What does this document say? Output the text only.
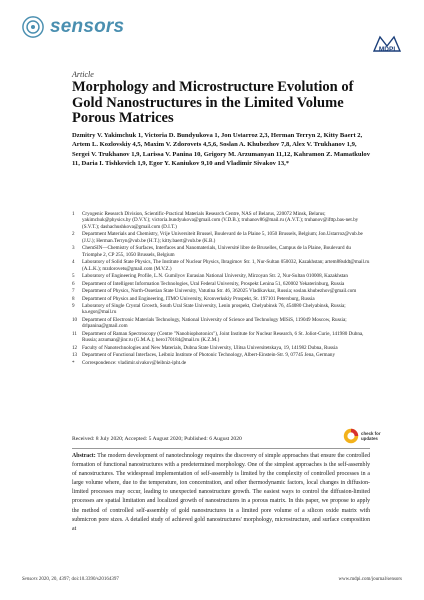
sensors
MDPI
Article
Morphology and Microstructure Evolution of Gold Nanostructures in the Limited Volume Porous Matrices
Dzmitry V. Yakimchuk 1, Victoria D. Bundyukova 1, Jon Ustarroz 2,3, Herman Terryn 2, Kitty Baert 2, Artem L. Kozlovskiy 4,5, Maxim V. Zdorovets 4,5,6, Soslan A. Khubezhov 7,8, Alex V. Trukhanov 1,9, Sergei V. Trukhanov 1,9, Larissa V. Panina 10, Grigory M. Arzumanyan 11,12, Kahramon Z. Mamatkulov 11, Daria I. Tishkevich 1,9, Egor Y. Kaniukov 9,10 and Vladimir Sivakov 13,*
1	Cryogenic Research Division, Scientific-Practical Materials Research Centre, NAS of Belarus, 220072 Minsk, Belarus; yakimchuk@physics.by (D.V.Y.); victoria.bundyukova@gmail.com (V.D.B.); truhanov86@mail.ru (A.V.T.); truhanov@ifttp.bas-net.by (S.V.T.); dashachushkova@gmail.com (D.I.T.)
2	Department Materials and Chemistry, Vrije Universiteit Brussel, Boulevard de la Plaine 5, 1050 Brussels, Belgium; Jon.Ustarroz@vub.be (J.U.); Herman.Terryn@vub.be (H.T.); kitty.baert@vub.be (K.B.)
3	ChemSIN—Chemistry of Surfaces, Interfaces and Nanomaterials, Université libre de Bruxelles, Campus de la Plaine, Boulevard du Triomphe 2, CP 255, 1050 Brussels, Belgium
4	Laboratory of Solid State Physics, The Institute of Nuclear Physics, Ibragimov Str. 1, Nur-Sultan 050032, Kazakhstan; artem88sddt@mail.ru (A.L.K.); mzdorovets@gmail.com (M.V.Z.)
5	Laboratory of Engineering Profile, L.N. Gumilyov Eurasian National University, Mirzoyan Str. 2, Nur-Sultan 010008, Kazakhstan
6	Department of Intelligent Information Technologies, Ural Federal University, Prospekt Lenina 51, 620002 Yekaterinburg, Russia
7	Department of Physics, North-Ossetian State University, Vatutina Str. 46, 362025 Vladikavkaz, Russia; soslan.khubezhov@gmail.com
8	Department of Physics and Engineering, ITMO University, Kronverkskiy Prospekt, St. 197101 Petersburg, Russia
9	Laboratory of Single Crystal Growth, South Ural State University, Lenin prospekt, Chelyabinsk 76, 454080 Chelyabinsk, Russia; ka.egor@mail.ru
10 Department of Electronic Materials Technology, National University of Science and Technology MISiS, 119049 Moscow, Russia; drlpanina@gmail.com
11 Department of Raman Spectroscopy (Centre "Nanobiophotonics"), Joint Institute for Nuclear Research, 6 St. Joliot-Curie, 141980 Dubna, Russia; arzuman@jinr.ru (G.M.A.); hero170184@mail.ru (K.Z.M.)
12 Faculty of Nanotechnologies and New Materials, Dubna State University, Ulitsa Universitetskaya, 19, 141982 Dubna, Russia
13 Department of Functional Interfaces, Leibniz Institute of Photonic Technology, Albert-Einstein-Str. 9, 07745 Jena, Germany
*	Correspondence: vladimir.sivakov@leibniz-ipht.de
Received: 8 July 2020; Accepted: 5 August 2020; Published: 6 August 2020
check for
updates
Abstract: The modern development of nanotechnology requires the discovery of simple approaches that ensure the controlled formation of functional nanostructures with a predetermined morphology. One of the simplest approaches is the self-assembly of nanostructures. The widespread implementation of self-assembly is limited by the complexity of controlled processes in a large volume where, due to the temperature, ion concentration, and other thermodynamic factors, local changes in diffusion-limited processes may occur, leading to unexpected nanostructure growth. The easiest ways to control the diffusion-limited processes are spatial limitation and localized growth of nanostructures in a porous matrix. In this paper, we propose to apply the method of controlled self-assembly of gold nanostructures in a limited pore volume of a silicon oxide matrix with submicron pore sizes. A detailed study of achieved gold nanostructures' morphology, microstructure, and surface composition at
Sensors 2020, 20, 4397; doi:10.3390/s20164397	www.mdpi.com/journal/sensors
